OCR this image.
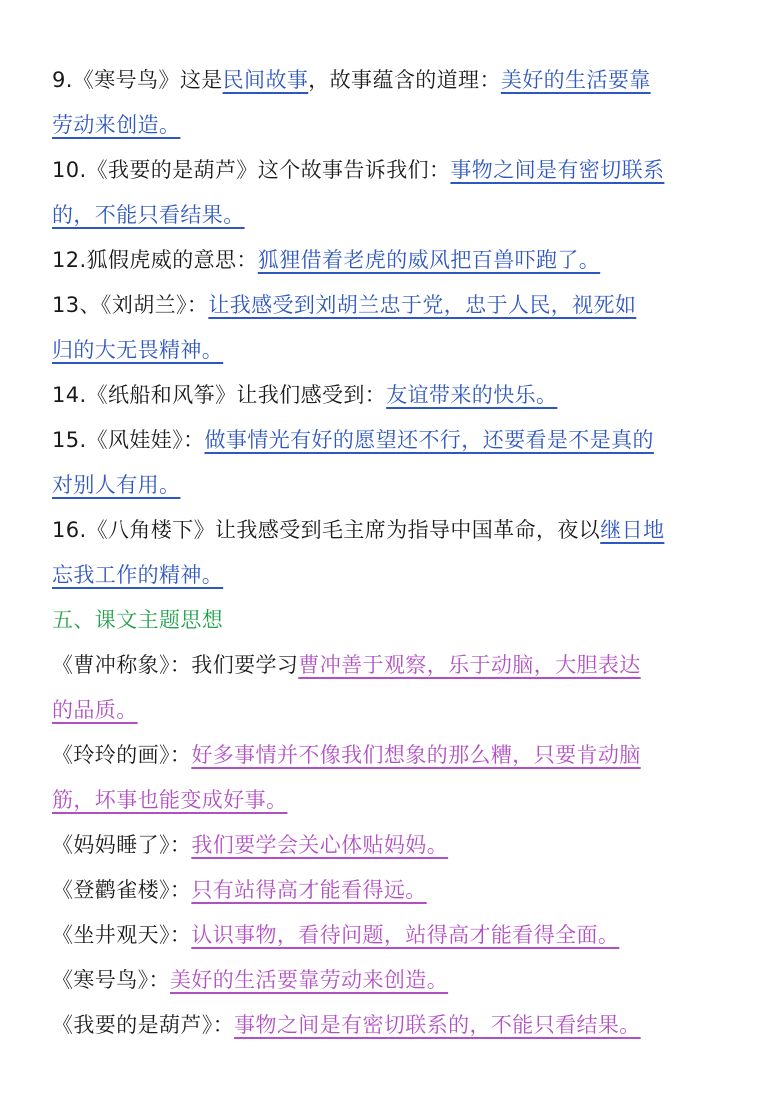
9.《寒号鸟》这是民间故事，故事蕴含的道理：美好的生活要靠
劳动来创造。
10.《我要的是葫芦》这个故事告诉我们：事物之间是有密切联系
的，不能只看结果。
12.狐假虎威的意思：狐狸借着老虎的威风把百兽吓跑了。
13、《刘胡兰》：让我感受到刘胡兰忠于党，忠于人民，视死如
归的大无畏精神。
14.《纸船和风筝》让我们感受到：友谊带来的快乐。
15.《风娃娃》：做事情光有好的愿望还不行，还要看是不是真的
对别人有用。
16.《八角楼下》让我感受到毛主席为指导中国革命，夜以继日地
忘我工作的精神。
五、课文主题思想
《曹冲称象》：我们要学习曹冲善于观察，乐于动脑，大胆表达
的品质。
《玲玲的画》：好多事情并不像我们想象的那么糟，只要肯动脑
筋，坏事也能变成好事。
《妈妈睡了》：我们要学会关心体贴妈妈。
《登鹳雀楼》：只有站得高才能看得远。
《坐井观天》：认识事物，看待问题，站得高才能看得全面。
《寒号鸟》：美好的生活要靠劳动来创造。
《我要的是葫芦》：事物之间是有密切联系的，不能只看结果。
